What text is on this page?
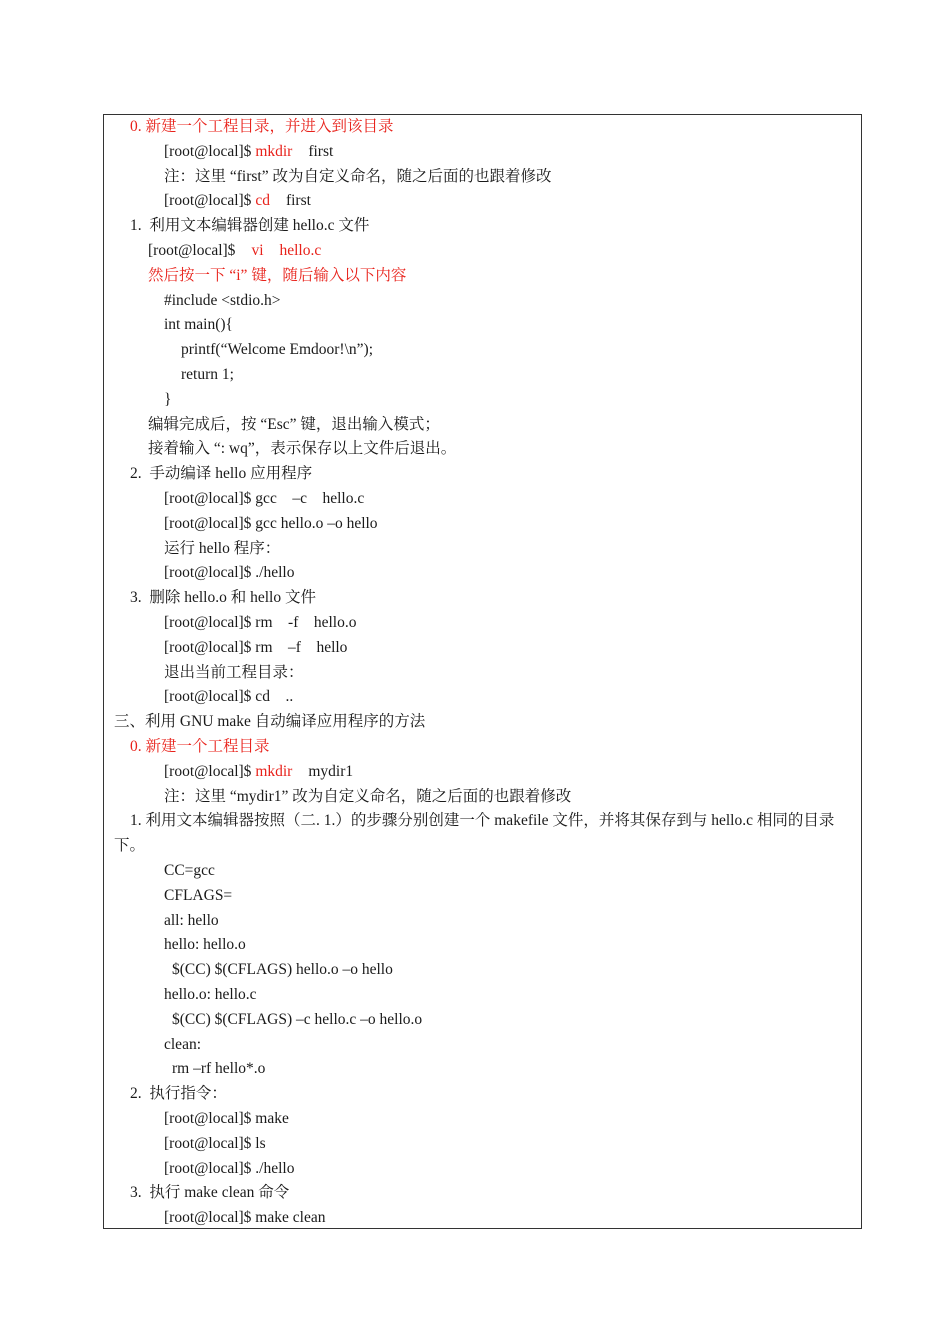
0. 新建一个工程目录，并进入到该目录
[root@local]$ mkdir first
注：这里 “first” 改为自定义命名，随之后面的也跟着修改
[root@local]$ cd first
1. 利用文本编辑器创建 hello.c 文件
[root@local]$ vi hello.c
然后按一下 “i” 键，随后输入以下内容
#include <stdio.h>
int main(){
printf(“Welcome Emdoor!\n”);
return 1;
}
编辑完成后，按 “Esc” 键，退出输入模式；
接着输入 “: wq”，表示保存以上文件后退出。
2. 手动编译 hello 应用程序
[root@local]$ gcc    –c    hello.c
[root@local]$ gcc hello.o –o hello
运行 hello 程序：
[root@local]$ ./hello
3. 删除 hello.o 和 hello 文件
[root@local]$ rm    -f    hello.o
[root@local]$ rm    –f    hello
退出当前工程目录：
[root@local]$ cd    ..
三、利用 GNU make 自动编译应用程序的方法
0. 新建一个工程目录
[root@local]$ mkdir mydir1
注：这里 “mydir1” 改为自定义命名，随之后面的也跟着修改
1. 利用文本编辑器按照（二. 1.）的步骤分别创建一个 makefile 文件，并将其保存到与 hello.c 相同的目录下。
CC=gcc
CFLAGS=
all: hello
hello: hello.o
$(CC) $(CFLAGS) hello.o –o hello
hello.o: hello.c
$(CC) $(CFLAGS) –c hello.c –o hello.o
clean:
rm –rf hello*.o
2. 执行指令：
[root@local]$ make
[root@local]$ ls
[root@local]$ ./hello
3. 执行 make clean 命令
[root@local]$ make clean
